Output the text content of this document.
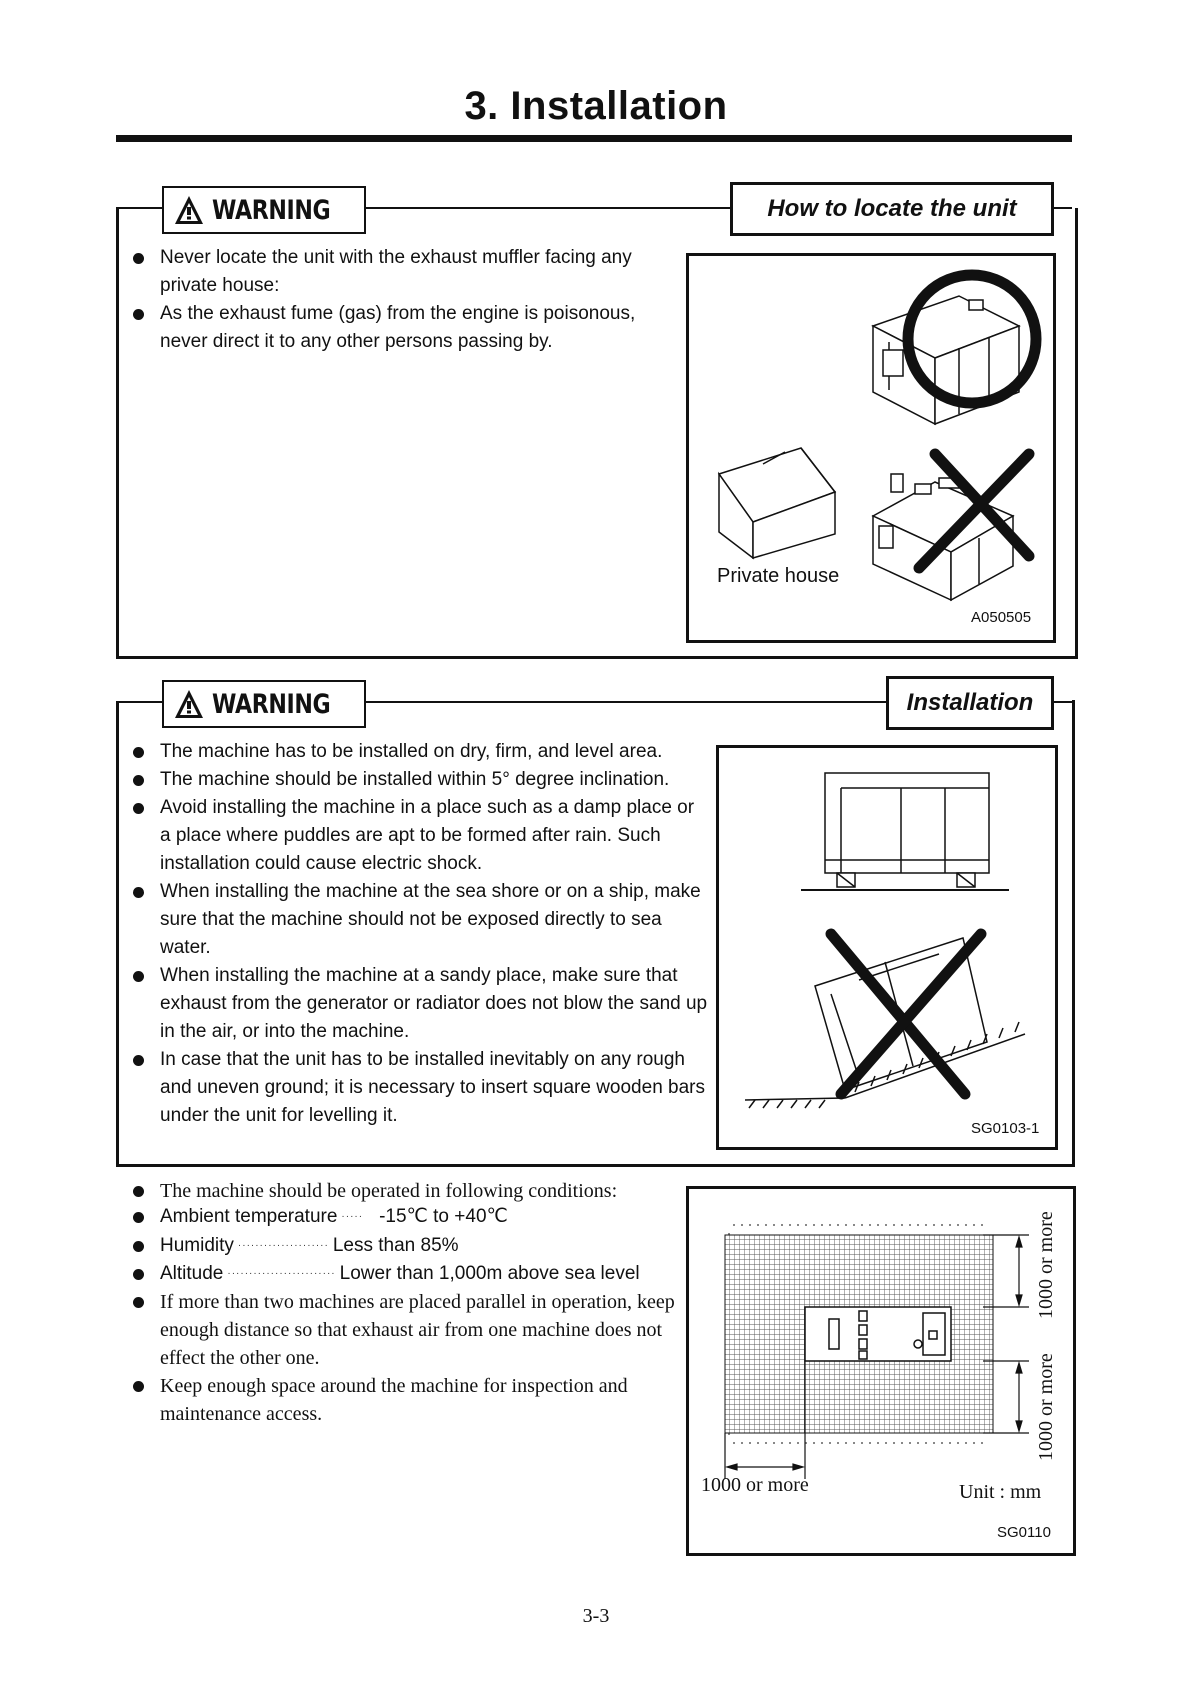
3. Installation
WARNING	How to locate the unit
Never locate the unit with the exhaust muffler facing any private house:
As the exhaust fume (gas) from the engine is poisonous, never direct it to any other persons passing by.
Private house
A050505
WARNING	Installation
The machine has to be installed on dry, firm, and level area.
The machine should be installed within 5° degree inclination.
Avoid installing the machine in a place such as a damp place or a place where puddles are apt to be formed after rain. Such installation could cause electric shock.
When installing the machine at the sea shore or on a ship, make sure that the machine should not be exposed directly to sea water.
When installing the machine at a sandy place, make sure that exhaust from the generator or radiator does not blow the sand up in the air, or into the machine.
In case that the unit has to be installed inevitably on any rough and uneven ground; it is necessary to insert square wooden bars under the unit for levelling it.
SG0103-1
The machine should be operated in following conditions:
Ambient temperature ····· -15℃ to +40℃
Humidity ····················· Less than 85%
Altitude ························· Lower than 1,000m above sea level
If more than two machines are placed parallel in operation, keep enough distance so that exhaust air from one machine does not effect the other one.
Keep enough space around the machine for inspection and maintenance access.
1000 or more
1000 or more
1000 or more	Unit : mm
SG0110
3-3
